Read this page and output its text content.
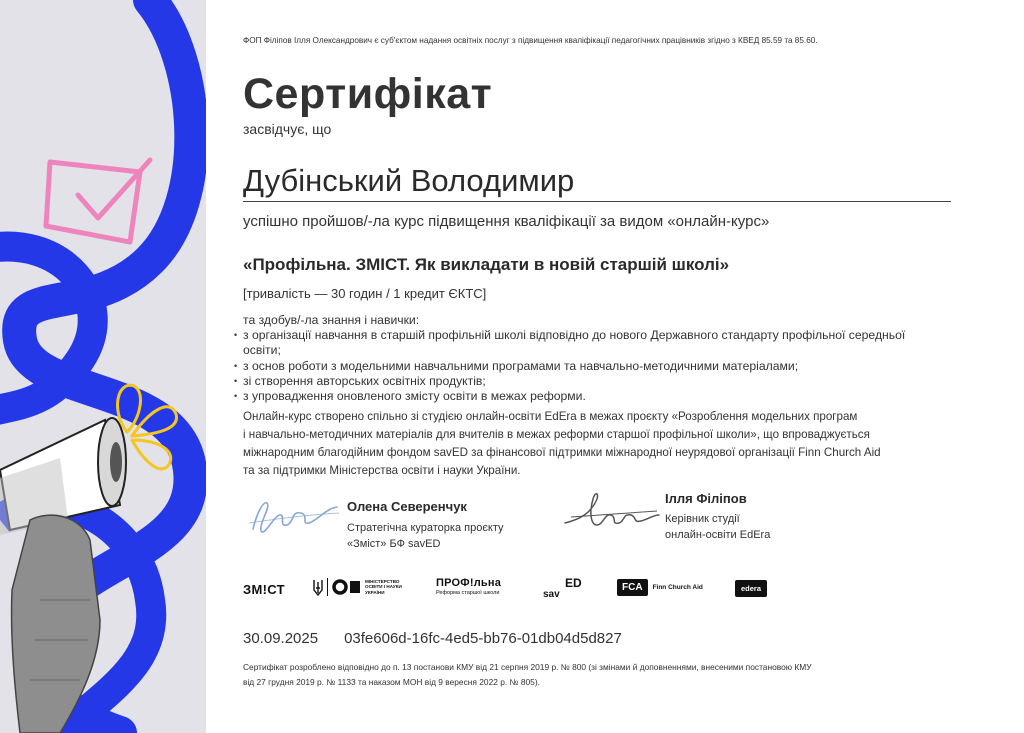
ФОП Філіпов Ілля Олександрович є суб'єктом надання освітніх послуг з підвищення кваліфікації педагогічних працівників згідно з КВЕД 85.59 та 85.60.
Сертифікат
засвідчує, що
Дубінський Володимир
успішно пройшов/-ла курс підвищення кваліфікації за видом «онлайн-курс»
«Профільна. ЗМІСТ. Як викладати в новій старшій школі»
[тривалість — 30 годин / 1 кредит ЄКТС]
та здобув/-ла знання і навички:
• з організації навчання в старшій профільній школі відповідно до нового Державного стандарту профільної середньої освіти;
• з основ роботи з модельними навчальними програмами та навчально-методичними матеріалами;
• зі створення авторських освітніх продуктів;
• з упровадження оновленого змісту освіти в межах реформи.
Онлайн-курс створено спільно зі студією онлайн-освіти EdEra в межах проєкту «Розроблення модельних програм
і навчально-методичних матеріалів для вчителів в межах реформи старшої профільної школи», що впроваджується
міжнародним благодійним фондом savED за фінансової підтримки міжнародної неурядової організації Finn Church Aid
та за підтримки Міністерства освіти і науки України.
Олена Северенчук
Стратегічна кураторка проєкту
«Зміст» БФ savED
Ілля Філіпов
Керівник студії
онлайн-освіти EdEra
ЗМ!СТ
МІНІСТЕРСТВО
ОСВІТИ І НАУКИ
УКРАЇНИ
ПРОФ!льна
Реформа старшої школи
ED
sav
FCA	Finn Church Aid	edera
30.09.2025 03fe606d-16fc-4ed5-bb76-01db04d5d827
Сертифікат розроблено відповідно до п. 13 постанови КМУ від 21 серпня 2019 р. № 800 (зі змінами й доповненнями, внесеними постановою КМУ
від 27 грудня 2019 р. № 1133 та наказом МОН від 9 вересня 2022 р. № 805).
